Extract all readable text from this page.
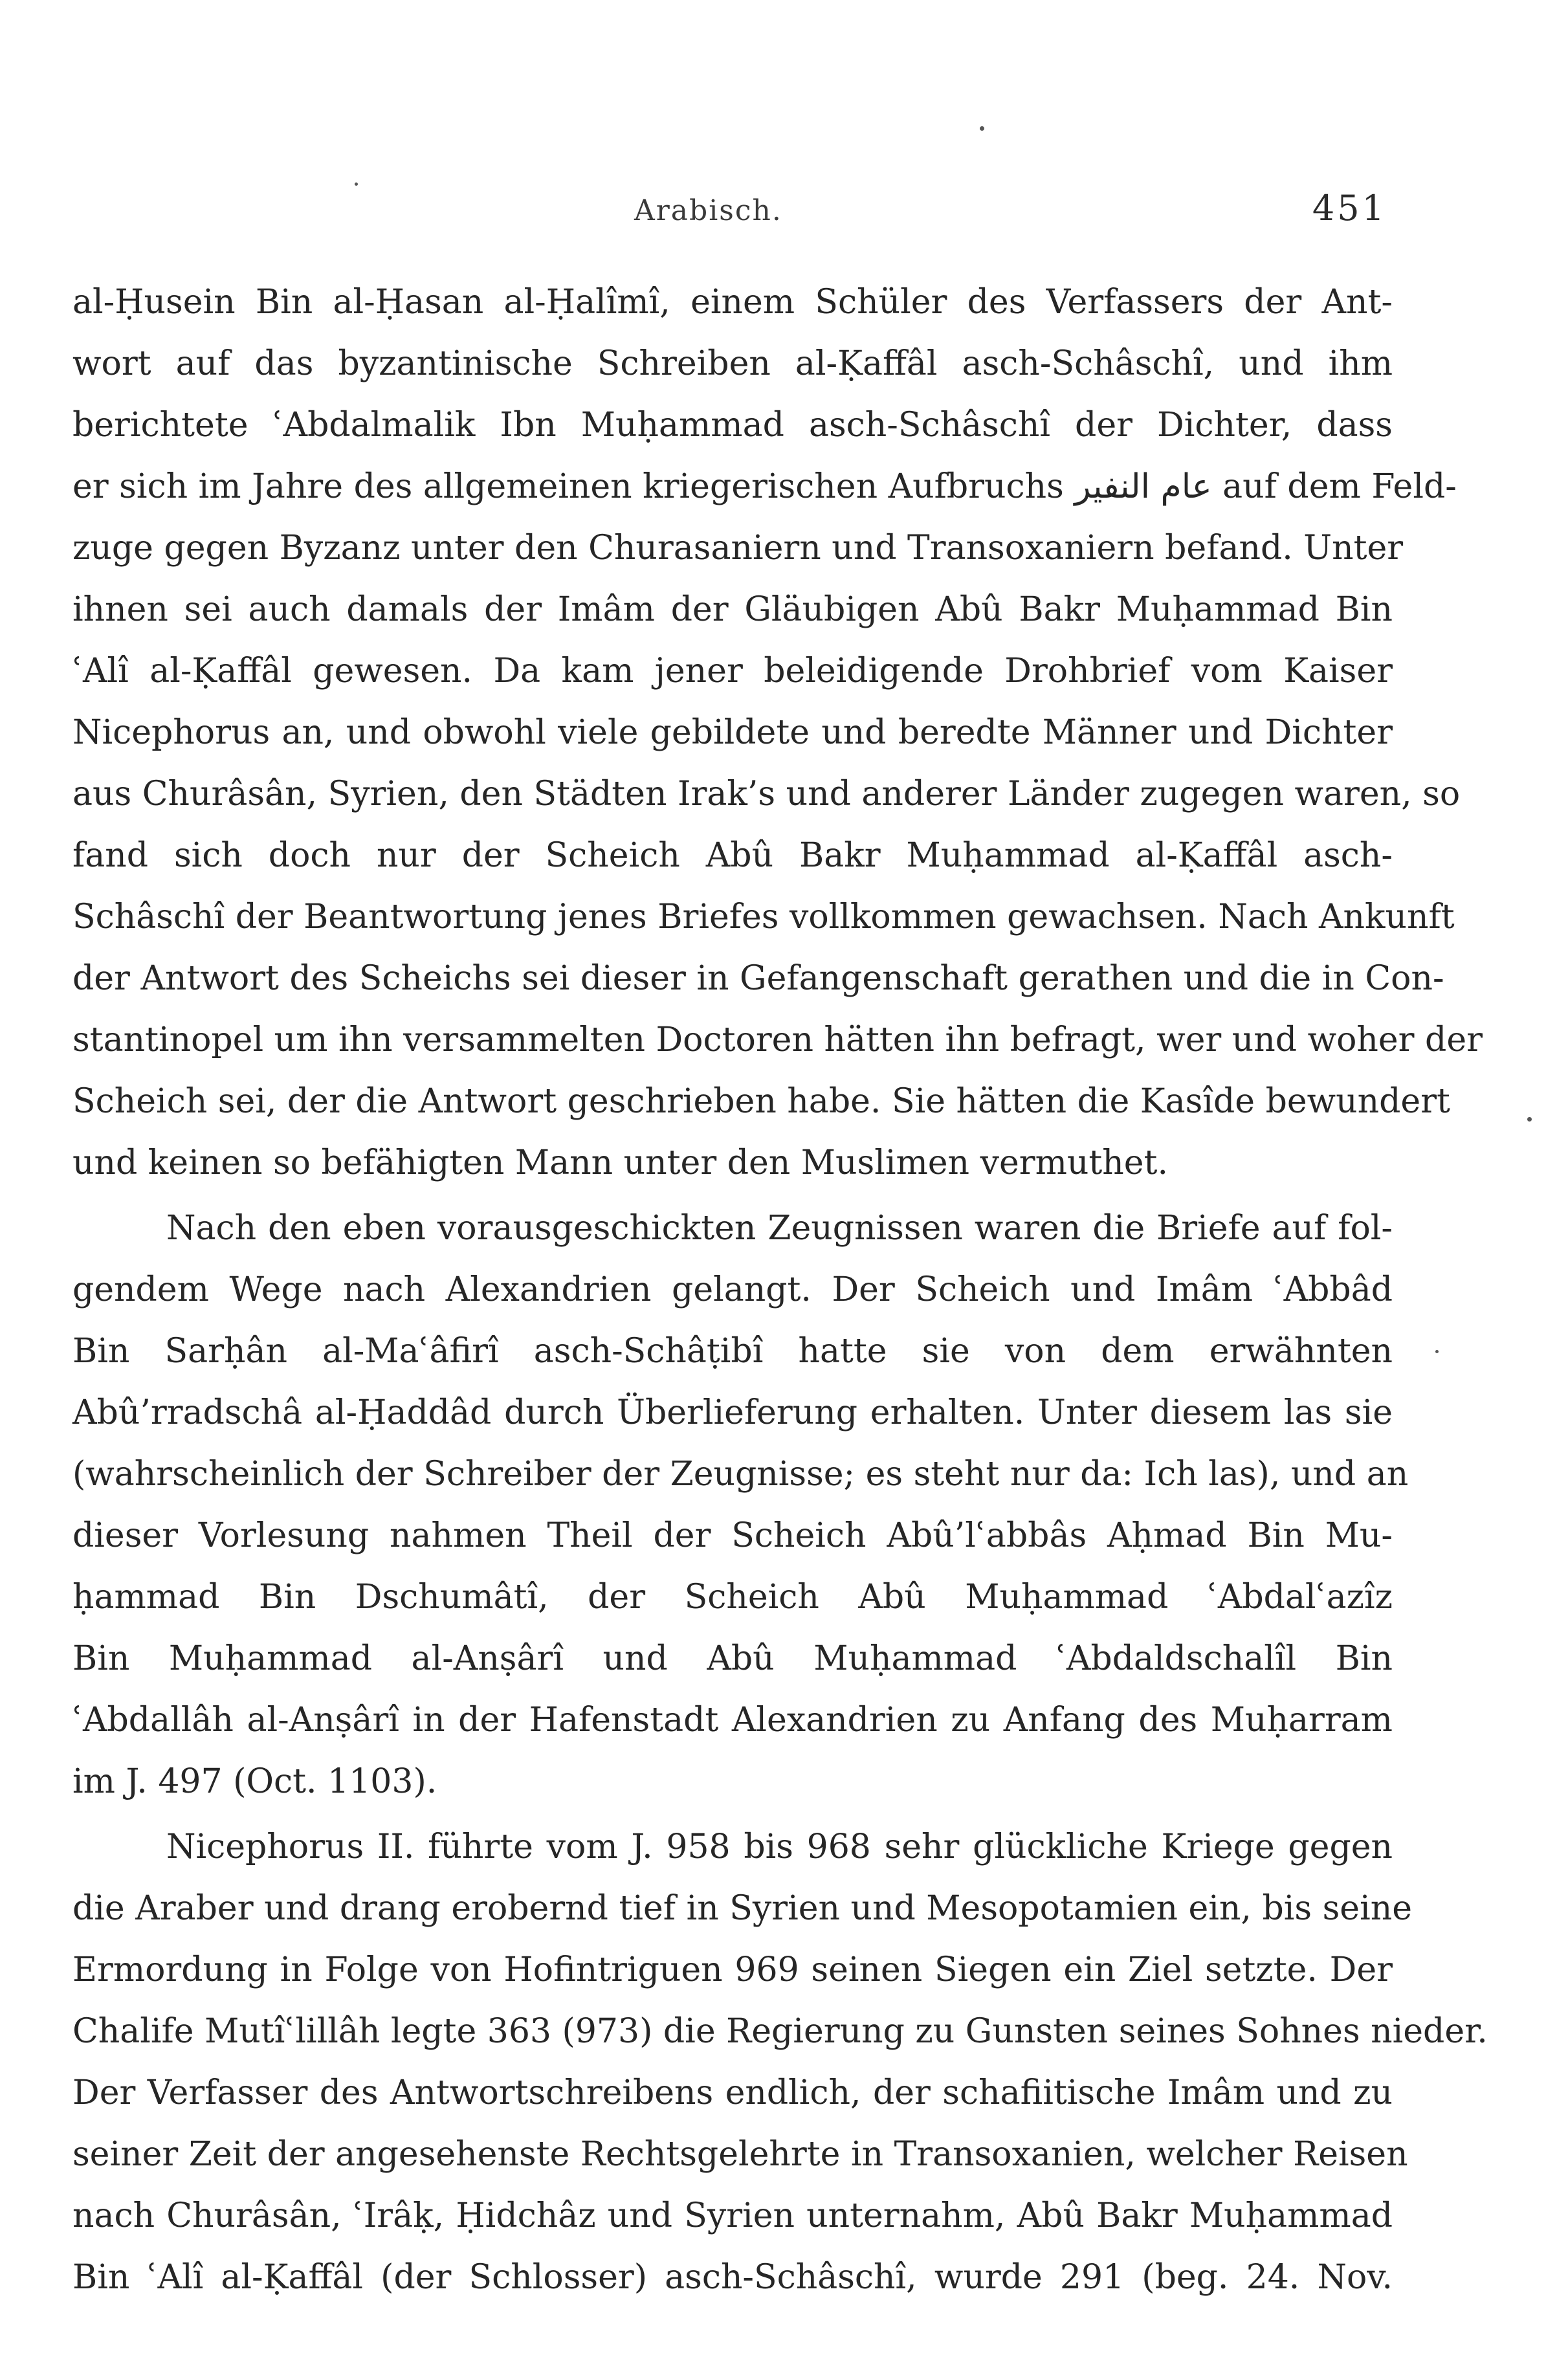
Arabisch.	451
al-Ḥusein Bin al-Ḥasan al-Ḥalîmî, einem Schüler des Verfassers der Ant-
wort auf das byzantinische Schreiben al-Ḳaffâl asch-Schâschî, und ihm
berichtete ʿAbdalmalik Ibn Muḥammad asch-Schâschî der Dichter, dass
er sich im Jahre des allgemeinen kriegerischen Aufbruchs عام النفير auf dem Feld-
zuge gegen Byzanz unter den Churasaniern und Transoxaniern befand. Unter
ihnen sei auch damals der Imâm der Gläubigen Abû Bakr Muḥammad Bin
ʿAlî al-Ḳaffâl gewesen. Da kam jener beleidigende Drohbrief vom Kaiser
Nicephorus an, und obwohl viele gebildete und beredte Männer und Dichter
aus Churâsân, Syrien, den Städten Irak’s und anderer Länder zugegen waren, so
fand sich doch nur der Scheich Abû Bakr Muḥammad al-Ḳaffâl asch-
Schâschî der Beantwortung jenes Briefes vollkommen gewachsen. Nach Ankunft
der Antwort des Scheichs sei dieser in Gefangenschaft gerathen und die in Con-
stantinopel um ihn versammelten Doctoren hätten ihn befragt, wer und woher der
Scheich sei, der die Antwort geschrieben habe. Sie hätten die Kasîde bewundert
und keinen so befähigten Mann unter den Muslimen vermuthet.
Nach den eben vorausgeschickten Zeugnissen waren die Briefe auf fol-
gendem Wege nach Alexandrien gelangt. Der Scheich und Imâm ʿAbbâd
Bin Sarḥân al-Maʿâfirî asch-Schâṭibî hatte sie von dem erwähnten
Abû’rradschâ al-Ḥaddâd durch Überlieferung erhalten. Unter diesem las sie
(wahrscheinlich der Schreiber der Zeugnisse; es steht nur da: Ich las), und an
dieser Vorlesung nahmen Theil der Scheich Abû’lʿabbâs Aḥmad Bin Mu-
ḥammad Bin Dschumâtî, der Scheich Abû Muḥammad ʿAbdalʿazîz
Bin Muḥammad al-Anṣârî und Abû Muḥammad ʿAbdaldschalîl Bin
ʿAbdallâh al-Anṣârî in der Hafenstadt Alexandrien zu Anfang des Muḥarram
im J. 497 (Oct. 1103).
Nicephorus II. führte vom J. 958 bis 968 sehr glückliche Kriege gegen
die Araber und drang erobernd tief in Syrien und Mesopotamien ein, bis seine
Ermordung in Folge von Hofintriguen 969 seinen Siegen ein Ziel setzte. Der
Chalife Mutîʿlillâh legte 363 (973) die Regierung zu Gunsten seines Sohnes nieder.
Der Verfasser des Antwortschreibens endlich, der schafiitische Imâm und zu
seiner Zeit der angesehenste Rechtsgelehrte in Transoxanien, welcher Reisen
nach Churâsân, ʿIrâḳ, Ḥidchâz und Syrien unternahm, Abû Bakr Muḥammad
Bin ʿAlî al-Ḳaffâl (der Schlosser) asch-Schâschî, wurde 291 (beg. 24. Nov.
